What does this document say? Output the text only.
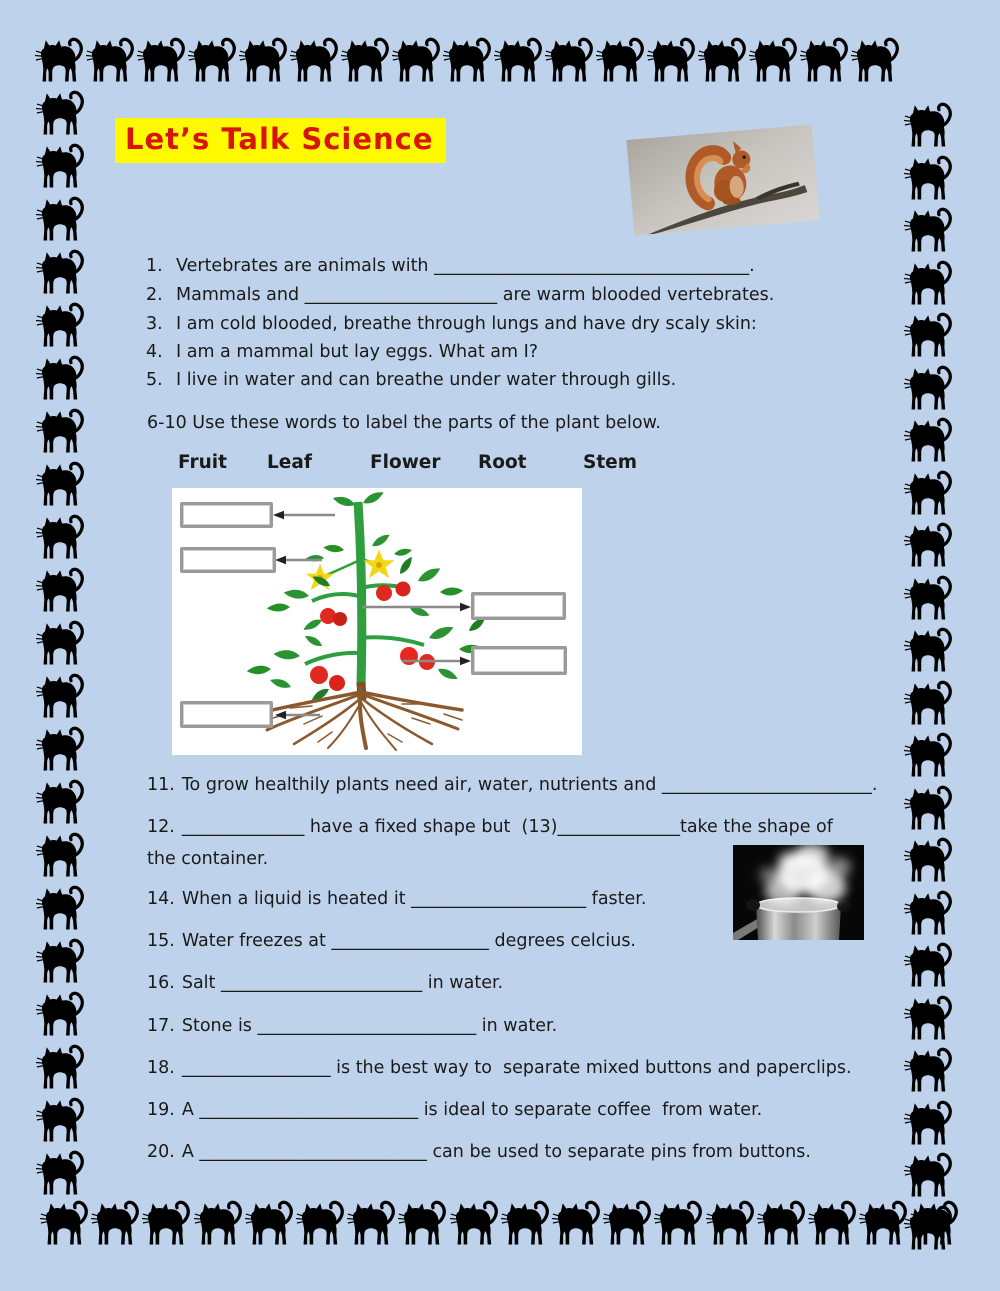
Let’s Talk Science
1. Vertebrates are animals with ____________________________________.
2. Mammals and ______________________ are warm blooded vertebrates.
3. I am cold blooded, breathe through lungs and have dry scaly skin:
4. I am a mammal but lay eggs. What am I?
5. I live in water and can breathe under water through gills.
6-10 Use these words to label the parts of the plant below.
Fruit Leaf	Flower Root	Stem
11. To grow healthily plants need air, water, nutrients and ________________________.
12. ______________ have a fixed shape but  (13)______________take the shape of
the container.
14. When a liquid is heated it ____________________ faster.
15. Water freezes at __________________ degrees celcius.
16. Salt _______________________ in water.
17. Stone is _________________________ in water.
18. _________________ is the best way to  separate mixed buttons and paperclips.
19. A _________________________ is ideal to separate coffee  from water.
20. A __________________________ can be used to separate pins from buttons.
